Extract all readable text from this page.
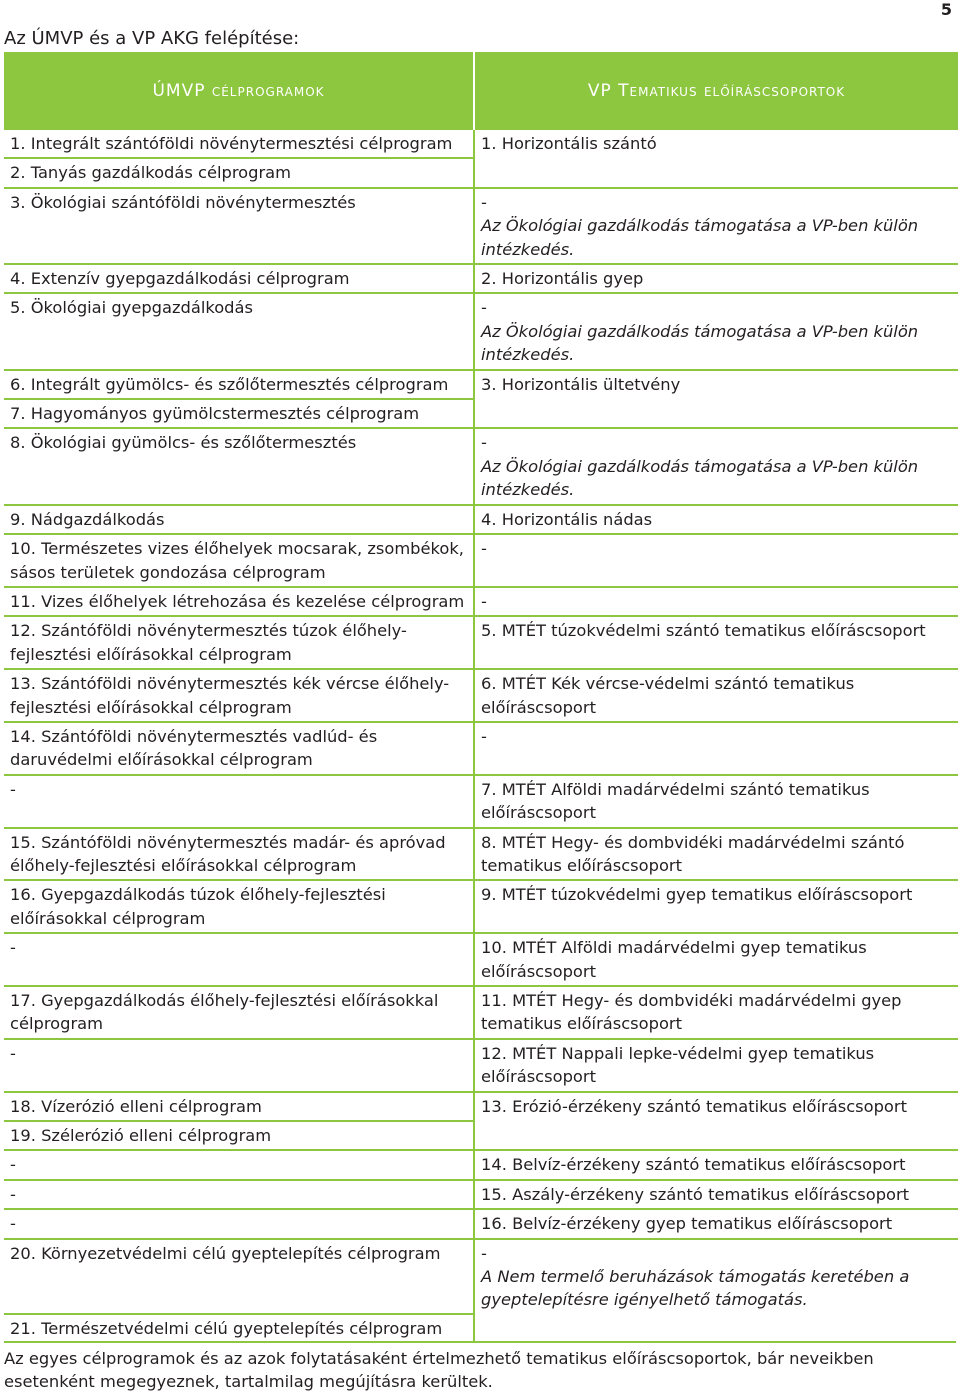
5
Az ÚMVP és a VP AKG felépítése:
ÚMVP célprogramok	VP Tematikus előíráscsoportok
1. Integrált szántóföldi növénytermesztési célprogram	1. Horizontális szántó

2. Tanyás gazdálkodás célprogram	

3. Ökológiai szántóföldi növénytermesztés	-
Az Ökológiai gazdálkodás támogatása a VP-ben külön intézkedés.

4. Extenzív gyepgazdálkodási célprogram	2. Horizontális gyep

5. Ökológiai gyepgazdálkodás	-
Az Ökológiai gazdálkodás támogatása a VP-ben külön intézkedés.

6. Integrált gyümölcs- és szőlőtermesztés célprogram	3. Horizontális ültetvény

7. Hagyományos gyümölcstermesztés célprogram	

8. Ökológiai gyümölcs- és szőlőtermesztés	-
Az Ökológiai gazdálkodás támogatása a VP-ben külön intézkedés.

9. Nádgazdálkodás	4. Horizontális nádas

10. Természetes vizes élőhelyek mocsarak, zsombékok, sásos területek gondozása célprogram	-

11. Vizes élőhelyek létrehozása és kezelése célprogram	-

12. Szántóföldi növénytermesztés túzok élőhely-fejlesztési előírásokkal célprogram	5. MTÉT túzokvédelmi szántó tematikus előíráscsoport

13. Szántóföldi növénytermesztés kék vércse élőhely-fejlesztési előírásokkal célprogram	6. MTÉT Kék vércse-védelmi szántó tematikus előíráscsoport

14. Szántóföldi növénytermesztés vadlúd- és daruvédelmi előírásokkal célprogram	-

-	7. MTÉT Alföldi madárvédelmi szántó tematikus előíráscsoport

15. Szántóföldi növénytermesztés madár- és apróvad élőhely-fejlesztési előírásokkal célprogram	8. MTÉT Hegy- és dombvidéki madárvédelmi szántó tematikus előíráscsoport

16. Gyepgazdálkodás túzok élőhely-fejlesztési előírásokkal célprogram	9. MTÉT túzokvédelmi gyep tematikus előíráscsoport

-	10. MTÉT Alföldi madárvédelmi gyep tematikus előíráscsoport

17. Gyepgazdálkodás élőhely-fejlesztési előírásokkal célprogram	11. MTÉT Hegy- és dombvidéki madárvédelmi gyep tematikus előíráscsoport

-	12. MTÉT Nappali lepke-védelmi gyep tematikus előíráscsoport

18. Vízerózió elleni célprogram	13. Erózió-érzékeny szántó tematikus előíráscsoport

19. Szélerózió elleni célprogram	

-	14. Belvíz-érzékeny szántó tematikus előíráscsoport

-	15. Aszály-érzékeny szántó tematikus előíráscsoport

-	16. Belvíz-érzékeny gyep tematikus előíráscsoport

20. Környezetvédelmi célú gyeptelepítés célprogram	-
A Nem termelő beruházások támogatás keretében a gyeptelepítésre igényelhető támogatás.

21. Természetvédelmi célú gyeptelepítés célprogram	
Az egyes célprogramok és az azok folytatásaként értelmezhető tematikus előíráscsoportok, bár neveikben esetenként megegyeznek, tartalmilag megújításra kerültek.
